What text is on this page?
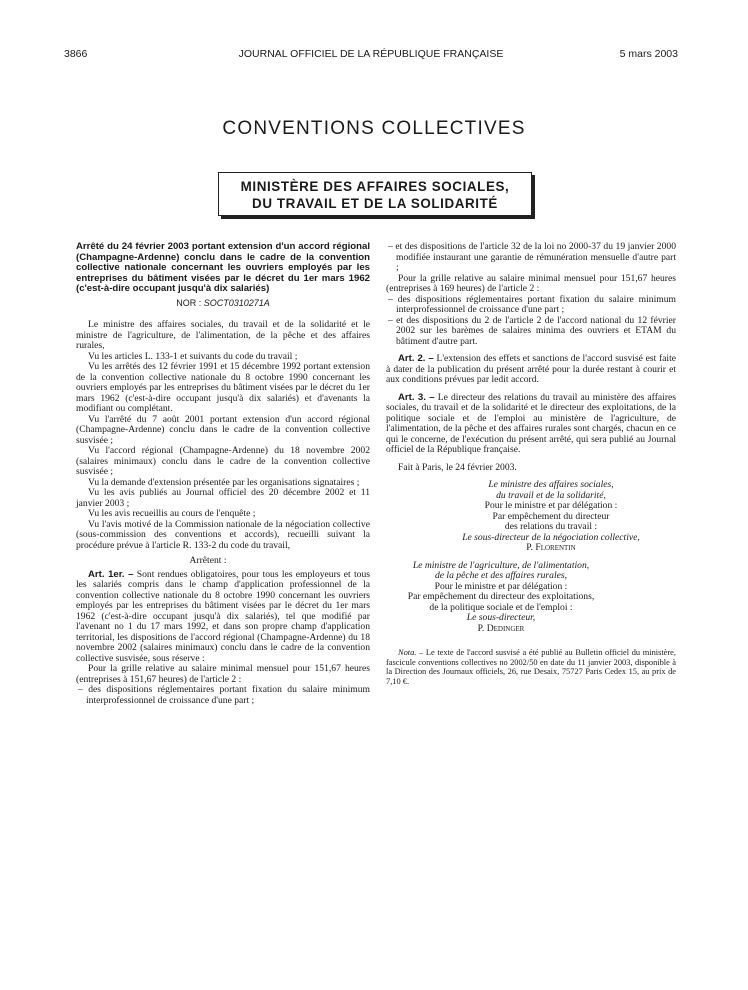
3866	JOURNAL OFFICIEL DE LA RÉPUBLIQUE FRANÇAISE	5 mars 2003
CONVENTIONS COLLECTIVES
MINISTÈRE DES AFFAIRES SOCIALES,
DU TRAVAIL ET DE LA SOLIDARITÉ

Arrêté du 24 février 2003 portant extension d'un accord régional (Champagne-Ardenne) conclu dans le cadre de la convention collective nationale concernant les ouvriers employés par les entreprises du bâtiment visées par le décret du 1er mars 1962 (c'est-à-dire occupant jusqu'à dix salariés)

NOR : SOCT0310271A

Le ministre des affaires sociales, du travail et de la solidarité et le ministre de l'agriculture, de l'alimentation, de la pêche et des affaires rurales,

Vu les articles L. 133-1 et suivants du code du travail ;

Vu les arrêtés des 12 février 1991 et 15 décembre 1992 portant extension de la convention collective nationale du 8 octobre 1990 concernant les ouvriers employés par les entreprises du bâtiment visées par le décret du 1er mars 1962 (c'est-à-dire occupant jusqu'à dix salariés) et d'avenants la modifiant ou complétant.

Vu l'arrêté du 7 août 2001 portant extension d'un accord régional (Champagne-Ardenne) conclu dans le cadre de la convention collective susvisée ;

Vu l'accord régional (Champagne-Ardenne) du 18 novembre 2002 (salaires minimaux) conclu dans le cadre de la convention collective susvisée ;

Vu la demande d'extension présentée par les organisations signataires ;

Vu les avis publiés au Journal officiel des 20 décembre 2002 et 11 janvier 2003 ;

Vu les avis recueillis au cours de l'enquête ;

Vu l'avis motivé de la Commission nationale de la négociation collective (sous-commission des conventions et accords), recueilli suivant la procédure prévue à l'article R. 133-2 du code du travail,

Arrêtent :

Art. 1er. – Sont rendues obligatoires, pour tous les employeurs et tous les salariés compris dans le champ d'application professionnel de la convention collective nationale du 8 octobre 1990 concernant les ouvriers employés par les entreprises du bâtiment visées par le décret du 1er mars 1962 (c'est-à-dire occupant jusqu'à dix salariés), tel que modifié par l'avenant no 1 du 17 mars 1992, et dans son propre champ d'application territorial, les dispositions de l'accord régional (Champagne-Ardenne) du 18 novembre 2002 (salaires minimaux) conclu dans le cadre de la convention collective susvisée, sous réserve :

Pour la grille relative au salaire minimal mensuel pour 151,67 heures (entreprises à 151,67 heures) de l'article 2 :

– des dispositions réglementaires portant fixation du salaire minimum interprofessionnel de croissance d'une part ;

– et des dispositions de l'article 32 de la loi no 2000-37 du 19 janvier 2000 modifiée instaurant une garantie de rémunération mensuelle d'autre part ;

Pour la grille relative au salaire minimal mensuel pour 151,67 heures (entreprises à 169 heures) de l'article 2 :

– des dispositions réglementaires portant fixation du salaire minimum interprofessionnel de croissance d'une part ;

– et des dispositions du 2 de l'article 2 de l'accord national du 12 février 2002 sur les barèmes de salaires minima des ouvriers et ETAM du bâtiment d'autre part.

Art. 2. – L'extension des effets et sanctions de l'accord susvisé est faite à dater de la publication du présent arrêté pour la durée restant à courir et aux conditions prévues par ledit accord.

Art. 3. – Le directeur des relations du travail au ministère des affaires sociales, du travail et de la solidarité et le directeur des exploitations, de la politique sociale et de l'emploi au ministère de l'agriculture, de l'alimentation, de la pêche et des affaires rurales sont chargés, chacun en ce qui le concerne, de l'exécution du présent arrêté, qui sera publié au Journal officiel de la République française.

Fait à Paris, le 24 février 2003.

Le ministre des affaires sociales,

du travail et de la solidarité,

Pour le ministre et par délégation :

Par empêchement du directeur

des relations du travail :

Le sous-directeur de la négociation collective,

P. Florentin

Le ministre de l'agriculture, de l'alimentation,

de la pêche et des affaires rurales,

Pour le ministre et par délégation :

Par empêchement du directeur des exploitations,

de la politique sociale et de l'emploi :

Le sous-directeur,

P. Dedinger

Nota. – Le texte de l'accord susvisé a été publié au Bulletin officiel du ministère, fascicule conventions collectives no 2002/50 en date du 11 janvier 2003, disponible à la Direction des Journaux officiels, 26, rue Desaix, 75727 Paris Cedex 15, au prix de 7,10 €.
